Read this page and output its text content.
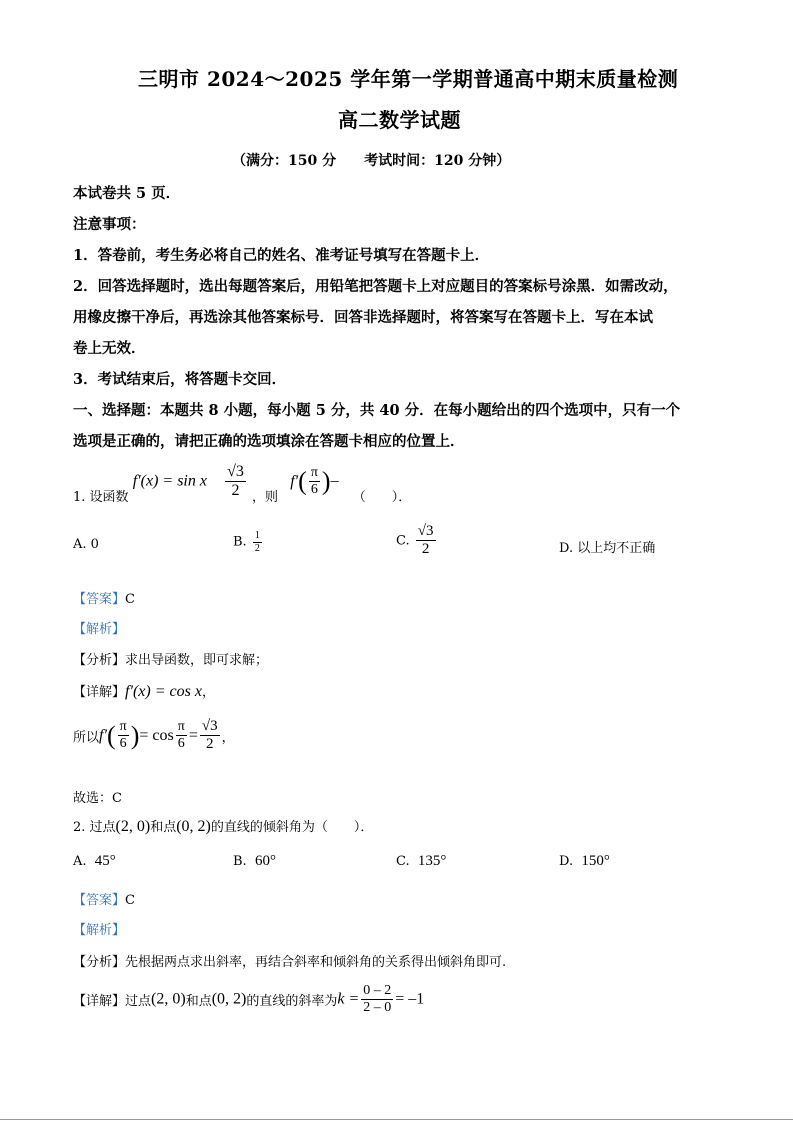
三明市 2024～2025 学年第一学期普通高中期末质量检测
高二数学试题
（满分：150 分　　考试时间：120 分钟）
本试卷共 5 页．
注意事项：
1．答卷前，考生务必将自己的姓名、准考证号填写在答题卡上．
2．回答选择题时，选出每题答案后，用铅笔把答题卡上对应题目的答案标号涂黑．如需改动，
用橡皮擦干净后，再选涂其他答案标号．回答非选择题时，将答案写在答题卡上．写在本试
卷上无效．
3．考试结束后，将答题卡交回．
一、选择题：本题共 8 小题，每小题 5 分，共 40 分．在每小题给出的四个选项中，只有一个
选项是正确的，请把正确的选项填涂在答题卡相应的位置上．
1. 设函数 f′(x) = sin x $\frac{√3}{2}$ ，则 $f'( \frac{\pi}{6}$ )– （　　）．
A. 0	B. $\frac{1}{2}$	C. $\frac{√3}{2}$	D. 以上均不正确
【答案】C
【解析】
【分析】求出导函数，即可求解；
【详解】f′(x) = cos x，
所以$f'( \frac{\pi}{6}$ )= $\cos \frac{\pi}{6} = \frac{√3}{2}$ ，
故选：C
2. 过点(2, 0)和点(0, 2)的直线的倾斜角为（　　）．
A. 45°	B. 60°	C. 135°	D. 150°
【答案】C
【解析】
【分析】先根据两点求出斜率，再结合斜率和倾斜角的关系得出倾斜角即可.
【详解】过点(2, 0)和点(0, 2)的直线的斜率为$k = \frac{0 - 2}{2 - 0} = -1$
